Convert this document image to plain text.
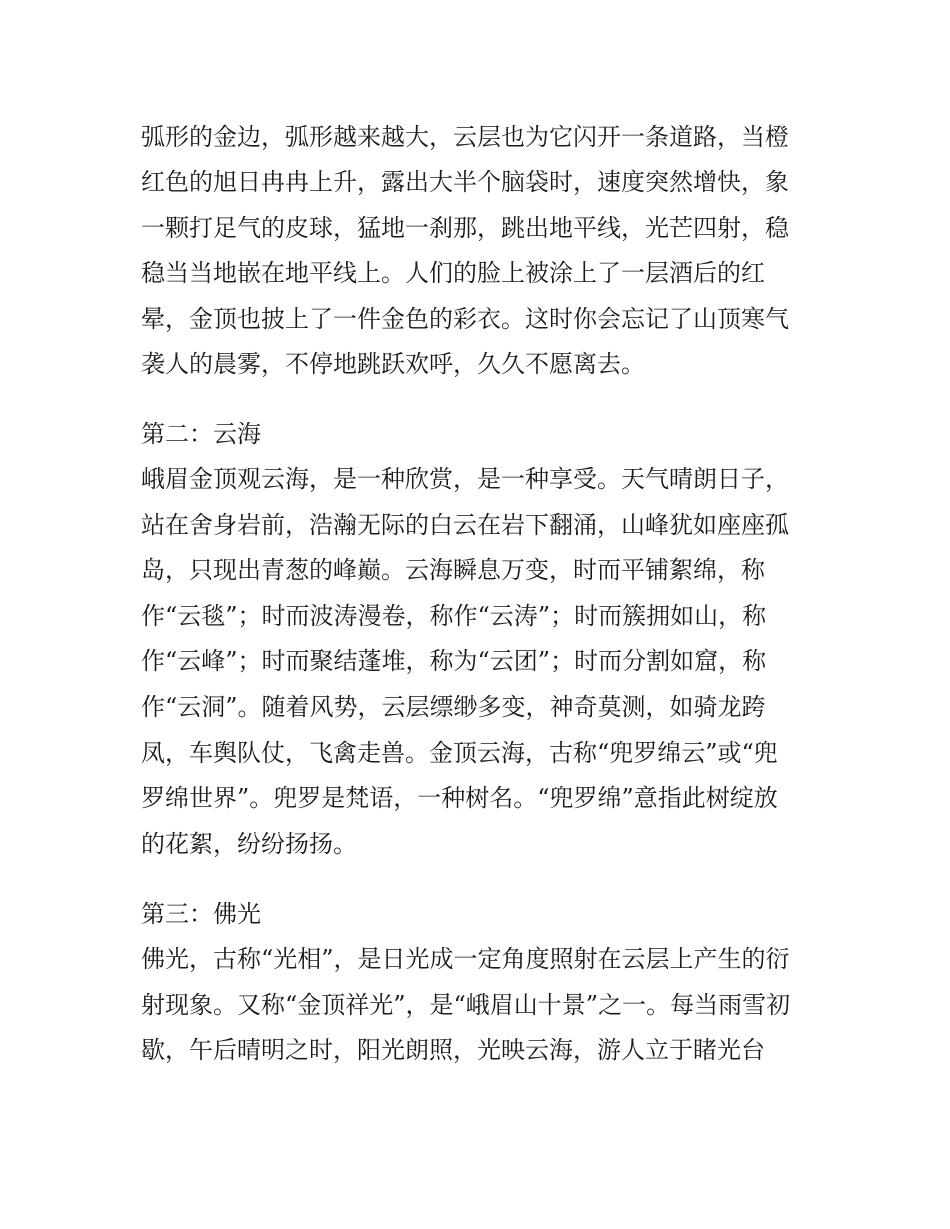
弧形的金边，弧形越来越大，云层也为它闪开一条道路，当橙
红色的旭日冉冉上升，露出大半个脑袋时，速度突然增快，象
一颗打足气的皮球，猛地一刹那，跳出地平线，光芒四射，稳
稳当当地嵌在地平线上。人们的脸上被涂上了一层酒后的红
晕，金顶也披上了一件金色的彩衣。这时你会忘记了山顶寒气
袭人的晨雾，不停地跳跃欢呼，久久不愿离去。
第二：云海
峨眉金顶观云海，是一种欣赏，是一种享受。天气晴朗日子，
站在舍身岩前，浩瀚无际的白云在岩下翻涌，山峰犹如座座孤
岛，只现出青葱的峰巅。云海瞬息万变，时而平铺絮绵，称
作“云毯”；时而波涛漫卷，称作“云涛”；时而簇拥如山，称
作“云峰”；时而聚结蓬堆，称为“云团”；时而分割如窟，称
作“云洞”。随着风势，云层缥缈多变，神奇莫测，如骑龙跨
凤，车舆队仗，飞禽走兽。金顶云海，古称“兜罗绵云”或“兜
罗绵世界”。兜罗是梵语，一种树名。“兜罗绵”意指此树绽放
的花絮，纷纷扬扬。
第三：佛光
佛光，古称“光相”，是日光成一定角度照射在云层上产生的衍
射现象。又称“金顶祥光”，是“峨眉山十景”之一。每当雨雪初
歇，午后晴明之时，阳光朗照，光映云海，游人立于睹光台
